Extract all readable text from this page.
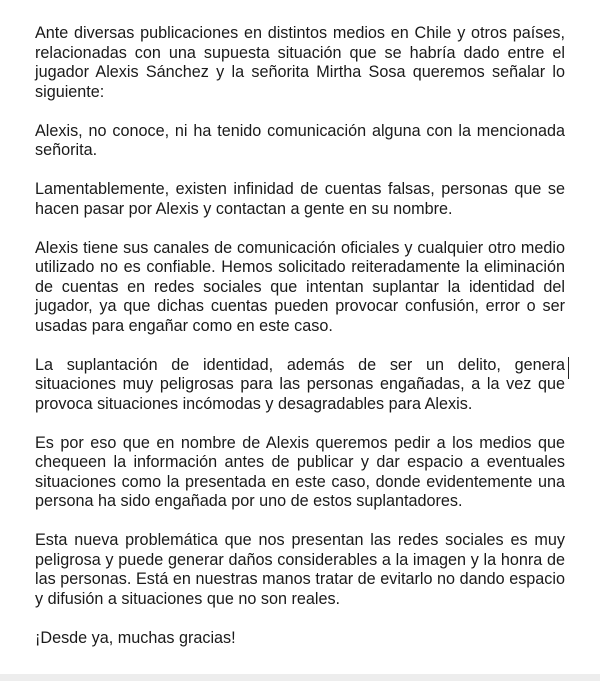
Ante diversas publicaciones en distintos medios en Chile y otros países, relacionadas con una supuesta situación que se habría dado entre el jugador Alexis Sánchez y la señorita Mirtha Sosa queremos señalar lo siguiente:

Alexis, no conoce, ni ha tenido comunicación alguna con la mencionada señorita.

Lamentablemente, existen infinidad de cuentas falsas, personas que se hacen pasar por Alexis y contactan a gente en su nombre.

Alexis tiene sus canales de comunicación oficiales y cualquier otro medio utilizado no es confiable. Hemos solicitado reiteradamente la eliminación de cuentas en redes sociales que intentan suplantar la identidad del jugador, ya que dichas cuentas pueden provocar confusión, error o ser usadas para engañar como en este caso.

La suplantación de identidad, además de ser un delito, genera situaciones muy peligrosas para las personas engañadas, a la vez que provoca situaciones incómodas y desagradables para Alexis.

Es por eso que en nombre de Alexis queremos pedir a los medios que chequeen la información antes de publicar y dar espacio a eventuales situaciones como la presentada en este caso, donde evidentemente una persona ha sido engañada por uno de estos suplantadores.

Esta nueva problemática que nos presentan las redes sociales es muy peligrosa y puede generar daños considerables a la imagen y la honra de las personas. Está en nuestras manos tratar de evitarlo no dando espacio y difusión a situaciones que no son reales.

¡Desde ya, muchas gracias!
